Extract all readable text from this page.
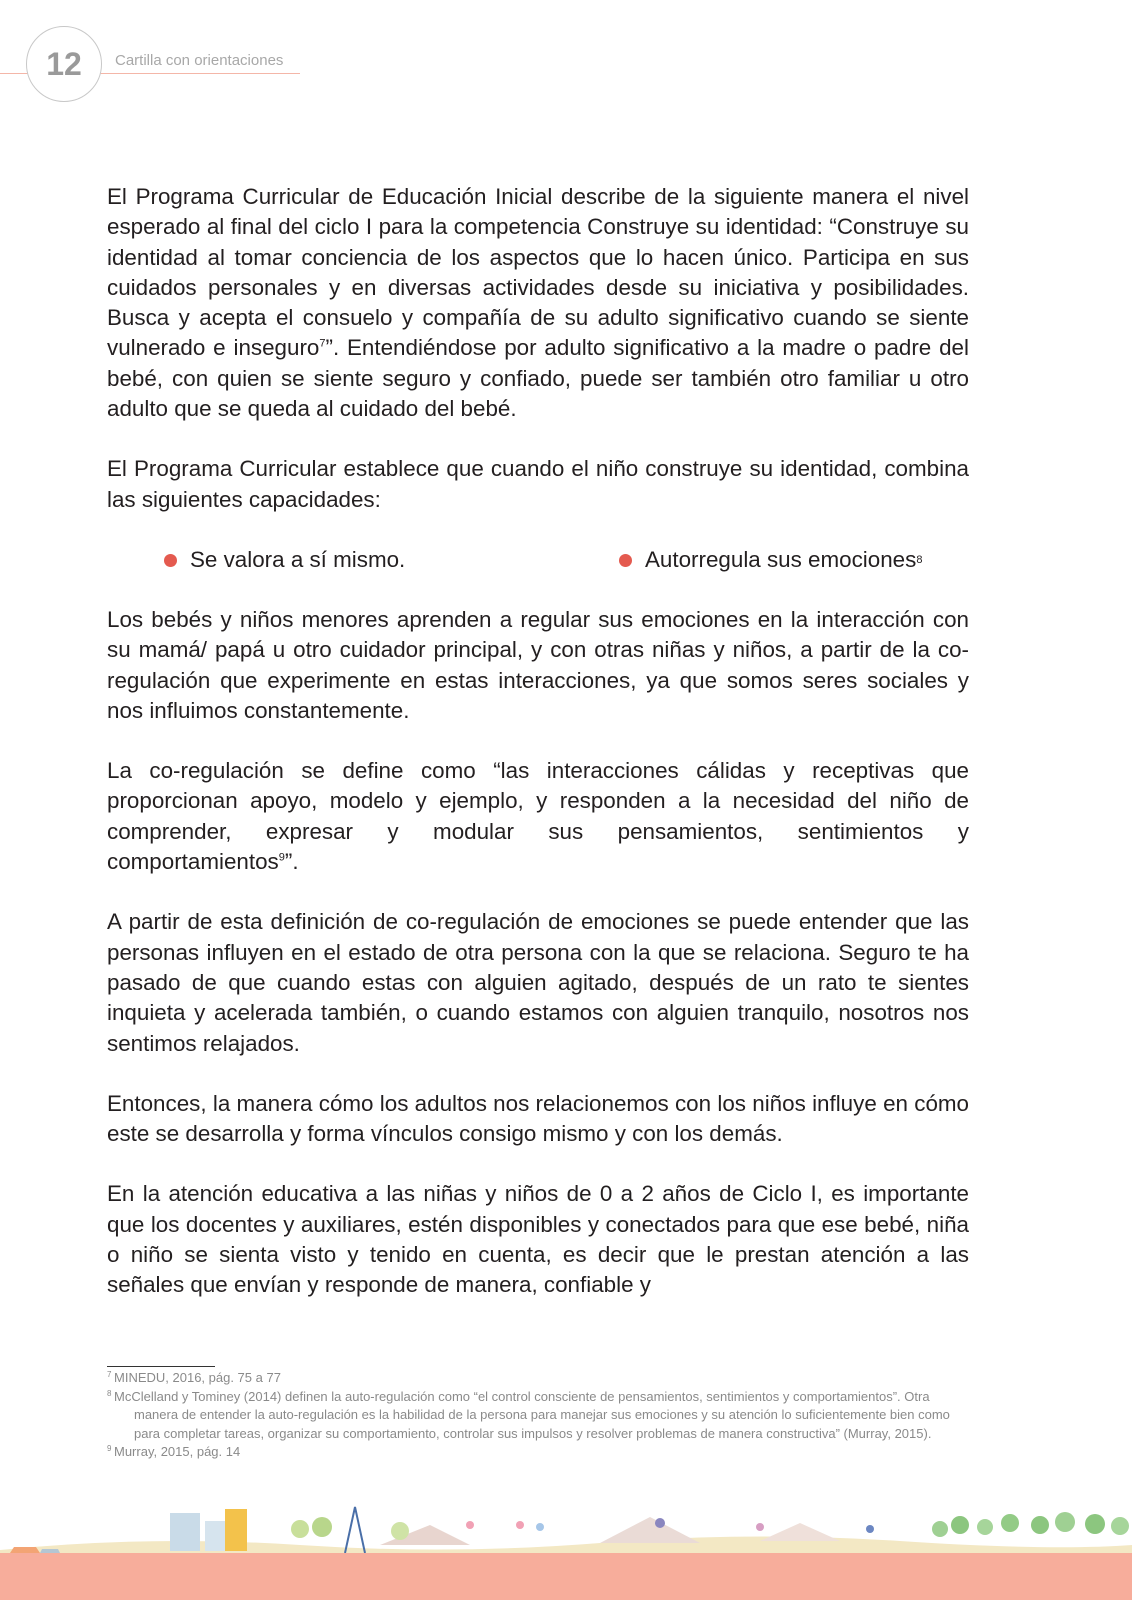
12	Cartilla con orientaciones

El Programa Curricular de Educación Inicial describe de la siguiente manera el nivel esperado al final del ciclo I para la competencia Construye su identidad: “Construye su identidad al tomar conciencia de los aspectos que lo hacen único. Participa en sus cuidados personales y en diversas actividades desde su iniciativa y posibilidades. Busca y acepta el consuelo y compañía de su adulto significativo cuando se siente vulnerado e inseguro$^7$”. Entendiéndose por adulto significativo a la madre o padre del bebé, con quien se siente seguro y confiado, puede ser también otro familiar u otro adulto que se queda al cuidado del bebé.

El Programa Curricular establece que cuando el niño construye su identidad, combina las siguientes capacidades:

Se valora a sí mismo.	Autorregula sus emociones 8

Los bebés y niños menores aprenden a regular sus emociones en la interacción con su mamá/ papá u otro cuidador principal, y con otras niñas y niños, a partir de la co-regulación que experimente en estas interacciones, ya que somos seres sociales y nos influimos constantemente.

La co-regulación se define como “las interacciones cálidas y receptivas que proporcionan apoyo, modelo y ejemplo, y responden a la necesidad del niño de comprender, expresar y modular sus pensamientos, sentimientos y comportamientos$^9$”.

A partir de esta definición de co-regulación de emociones se puede entender que las personas influyen en el estado de otra persona con la que se relaciona. Seguro te ha pasado de que cuando estas con alguien agitado, después de un rato te sientes inquieta y acelerada también, o cuando estamos con alguien tranquilo, nosotros nos sentimos relajados.

Entonces, la manera cómo los adultos nos relacionemos con los niños influye en cómo este se desarrolla y forma vínculos consigo mismo y con los demás.

En la atención educativa a las niñas y niños de 0 a 2 años de Ciclo I, es importante que los docentes y auxiliares, estén disponibles y conectados para que ese bebé, niña o niño se sienta visto y tenido en cuenta, es decir que le prestan atención a las señales que envían y responde de manera, confiable y

7 MINEDU, 2016, pág. 75 a 77
8 McClelland y Tominey (2014) definen la auto-regulación como “el control consciente de pensamientos, sentimientos y comportamientos”. Otra manera de entender la auto-regulación es la habilidad de la persona para manejar sus emociones y su atención lo suficientemente bien como para completar tareas, organizar su comportamiento, controlar sus impulsos y resolver problemas de manera constructiva” (Murray, 2015).
9 Murray, 2015, pág. 14
